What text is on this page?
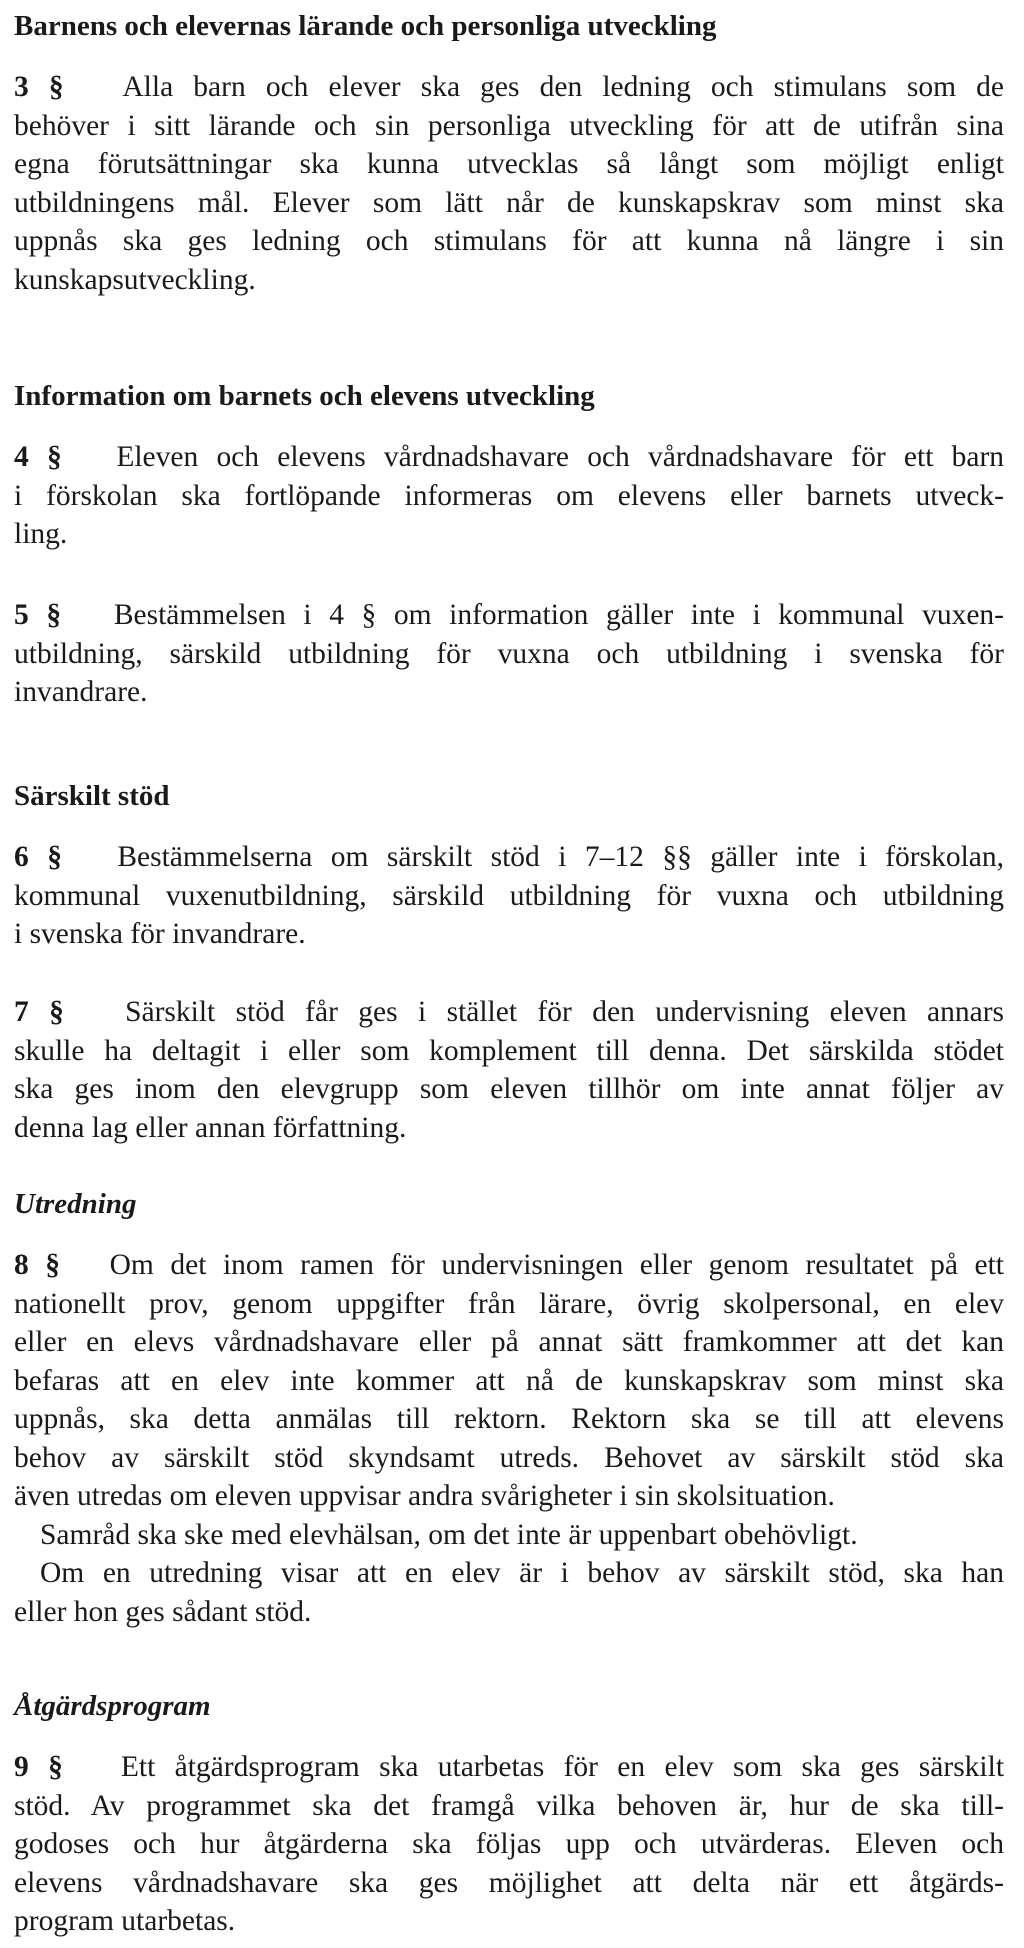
Barnens och elevernas lärande och personliga utveckling
3 § Alla barn och elever ska ges den ledning och stimulans som de
behöver i sitt lärande och sin personliga utveckling för att de utifrån sina
egna förutsättningar ska kunna utvecklas så långt som möjligt enligt
utbildningens mål. Elever som lätt når de kunskapskrav som minst ska
uppnås ska ges ledning och stimulans för att kunna nå längre i sin
kunskapsutveckling.
Information om barnets och elevens utveckling
4 § Eleven och elevens vårdnadshavare och vårdnadshavare för ett barn
i förskolan ska fortlöpande informeras om elevens eller barnets utveck-
ling.
5 § Bestämmelsen i 4 § om information gäller inte i kommunal vuxen-
utbildning, särskild utbildning för vuxna och utbildning i svenska för
invandrare.
Särskilt stöd
6 § Bestämmelserna om särskilt stöd i 7–12 §§ gäller inte i förskolan,
kommunal vuxenutbildning, särskild utbildning för vuxna och utbildning
i svenska för invandrare.
7 § Särskilt stöd får ges i stället för den undervisning eleven annars
skulle ha deltagit i eller som komplement till denna. Det särskilda stödet
ska ges inom den elevgrupp som eleven tillhör om inte annat följer av
denna lag eller annan författning.
Utredning
8 § Om det inom ramen för undervisningen eller genom resultatet på ett
nationellt prov, genom uppgifter från lärare, övrig skolpersonal, en elev
eller en elevs vårdnadshavare eller på annat sätt framkommer att det kan
befaras att en elev inte kommer att nå de kunskapskrav som minst ska
uppnås, ska detta anmälas till rektorn. Rektorn ska se till att elevens
behov av särskilt stöd skyndsamt utreds. Behovet av särskilt stöd ska
även utredas om eleven uppvisar andra svårigheter i sin skolsituation.
Samråd ska ske med elevhälsan, om det inte är uppenbart obehövligt.
Om en utredning visar att en elev är i behov av särskilt stöd, ska han
eller hon ges sådant stöd.
Åtgärdsprogram
9 § Ett åtgärdsprogram ska utarbetas för en elev som ska ges särskilt
stöd. Av programmet ska det framgå vilka behoven är, hur de ska till-
godoses och hur åtgärderna ska följas upp och utvärderas. Eleven och
elevens vårdnadshavare ska ges möjlighet att delta när ett åtgärds-
program utarbetas.
